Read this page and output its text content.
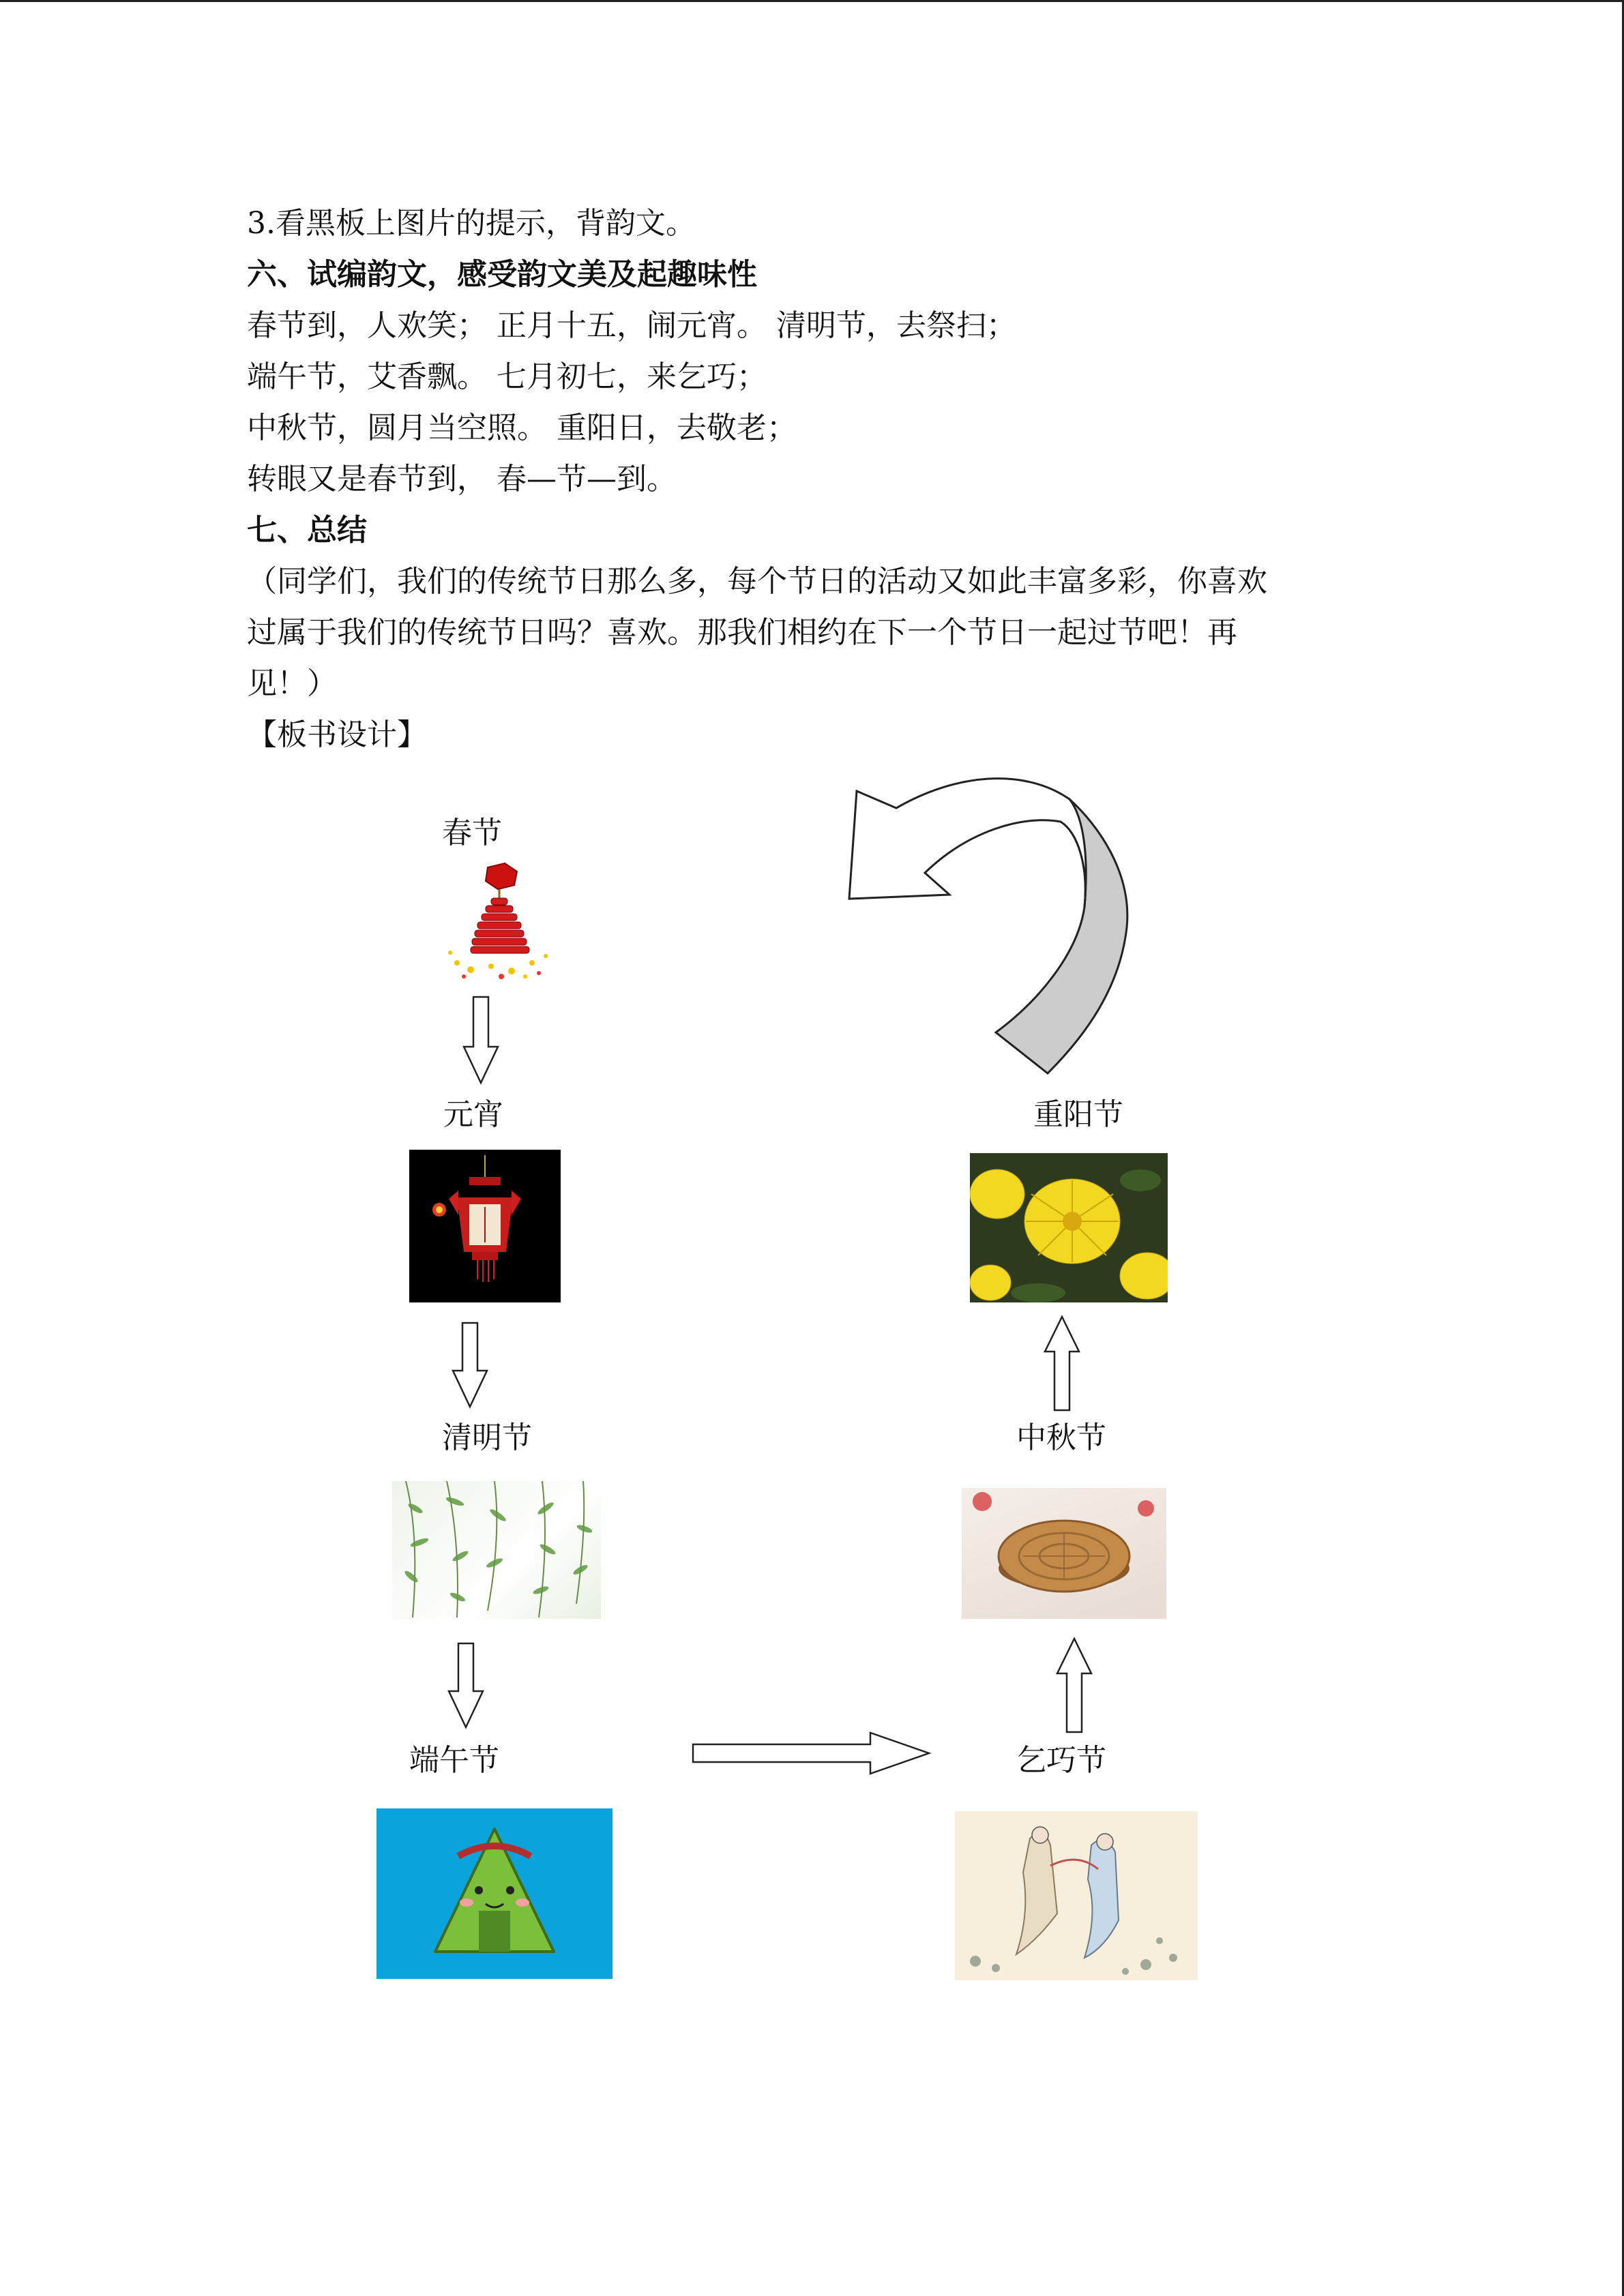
3.看黑板上图片的提示，背韵文。
六、试编韵文，感受韵文美及起趣味性
春节到，人欢笑； 正月十五，闹元宵。 清明节，去祭扫；
端午节，艾香飘。 七月初七，来乞巧；
中秋节，圆月当空照。 重阳日，去敬老；
转眼又是春节到， 春—节—到。
七、总结
（同学们，我们的传统节日那么多，每个节日的活动又如此丰富多彩，你喜欢
过属于我们的传统节日吗？喜欢。那我们相约在下一个节日一起过节吧！再
见！）
【板书设计】
春节
元宵
清明节
端午节	乞巧节
中秋节
重阳节
